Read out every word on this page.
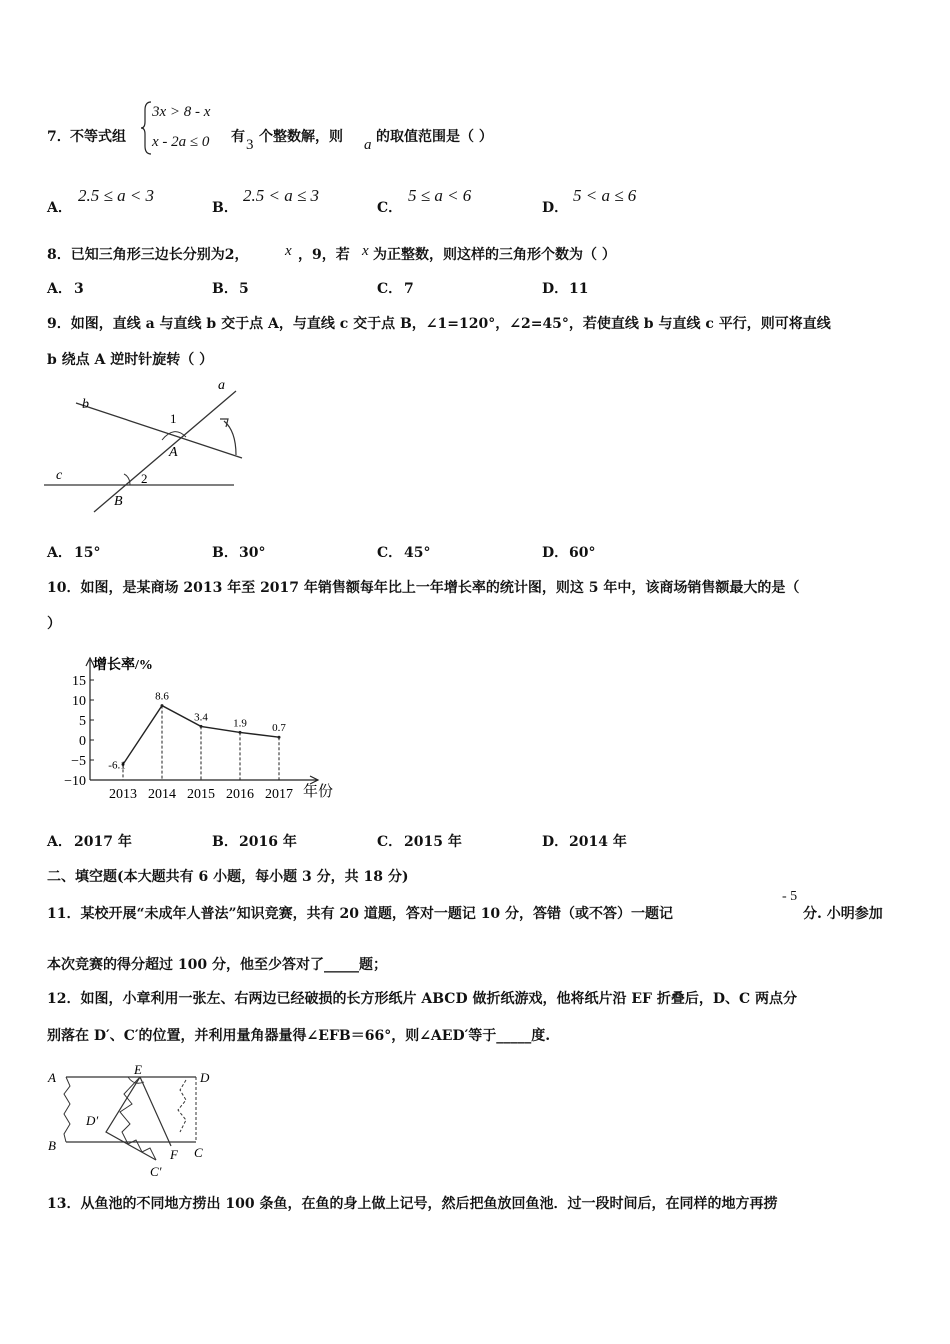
7． 不等式组
3x > 8 - x
x - 2a ≤ 0 有 3 个整数解，则 a 的取值范围是（ ）
A．
2.5 ≤ a < 3
B．
2.5 < a ≤ 3
C．
5 ≤ a < 6
D．
5 < a ≤ 6
8．已知三角形三边长分别为2， x ，9，若 x 为正整数，则这样的三角形个数为（ ）
A． 3	B． 5	C． 7	D． 11
9．如图，直线 a 与直线 b 交于点 A，与直线 c 交于点 B，∠1=120°，∠2=45°，若使直线 b 与直线 c 平行，则可将直线
b 绕点 A 逆时针旋转（ ）
a
b
c
A
B
1
2
A． 15°	B． 30°	C． 45°	D． 60°
10．如图，是某商场 2013 年至 2017 年销售额每年比上一年增长率的统计图，则这 5 年中，该商场销售额最大的是（
）
增长率/%
年份
15
10
5
0
−5
−10
2013 2014 2015 2016 2017
-6.1
8.6
3.4 1.9 0.7
A． 2017 年	B． 2016 年	C． 2015 年	D． 2014 年
二、填空题(本大题共有 6 小题，每小题 3 分，共 18 分)
11．某校开展“未成年人普法”知识竞赛，共有 20 道题，答对一题记 10 分，答错（或不答）一题记
- 5
分. 小明参加
本次竞赛的得分超过 100 分，他至少答对了_____题；
12．如图，小章利用一张左、右两边已经破损的长方形纸片 ABCD 做折纸游戏，他将纸片沿 EF 折叠后，D、C 两点分
别落在 D′、C′的位置，并利用量角器量得∠EFB＝66°，则∠AED′等于_____度.
A
E
D
D′
B
F C
C′
13．从鱼池的不同地方捞出 100 条鱼，在鱼的身上做上记号，然后把鱼放回鱼池．过一段时间后，在同样的地方再捞
